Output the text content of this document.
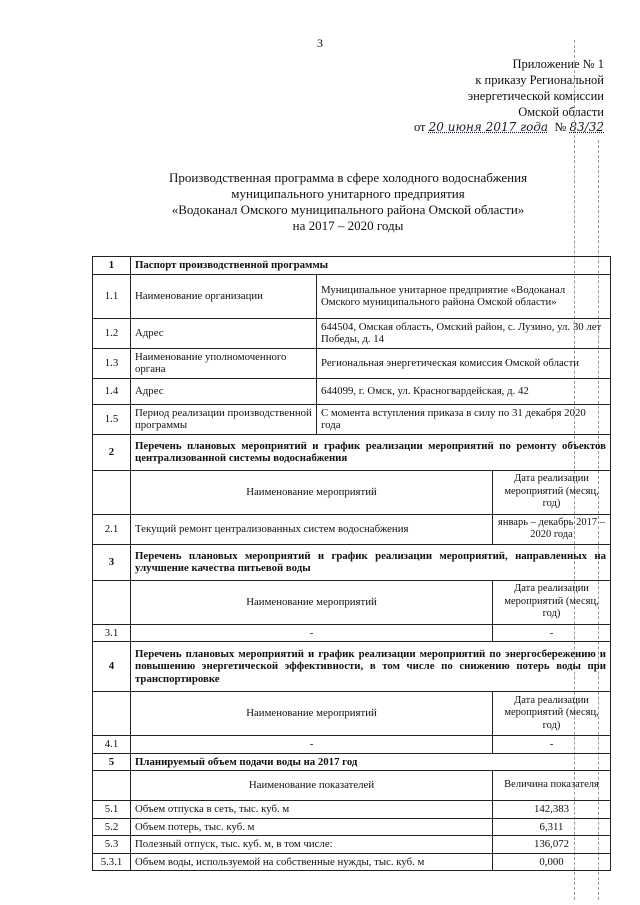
3
Приложение № 1
к приказу Региональной
энергетической комиссии
Омской области
от 20 июня 2017 года № 83/32
Производственная программа в сфере холодного водоснабжения
муниципального унитарного предприятия
«Водоканал Омского муниципального района Омской области»
на 2017 – 2020 годы
1	Паспорт производственной программы		
1.1	Наименование организации	Муниципальное унитарное предприятие «Водоканал Омского муниципального района Омской области»	
1.2	Адрес	644504, Омская область, Омский район, с. Лузино, ул. 30 лет Победы, д. 14	
1.3	Наименование уполномоченного органа	Региональная энергетическая комиссия Омской области	
1.4	Адрес	644099, г. Омск, ул. Красногвардейская, д. 42	
1.5	Период реализации производственной программы	С момента вступления приказа в силу по 31 декабря 2020 года	
2	Перечень плановых мероприятий и график реализации мероприятий по ремонту объектов централизованной системы водоснабжения		
	Наименование мероприятий		Дата реализации мероприятий (месяц, год)
2.1	Текущий ремонт централизованных систем водоснабжения		январь – декабрь 2017 – 2020 года
3	Перечень плановых мероприятий и график реализации мероприятий, направленных на улучшение качества питьевой воды		
	Наименование мероприятий		Дата реализации мероприятий (месяц, год)
3.1	-		-
4	Перечень плановых мероприятий и график реализации мероприятий по энергосбережению и повышению энергетической эффективности, в том числе по снижению потерь воды при транспортировке		
	Наименование мероприятий		Дата реализации мероприятий (месяц, год)
4.1	-		-
5	Планируемый объем подачи воды на 2017 год		
	Наименование показателей		Величина показателя
5.1	Объем отпуска в сеть, тыс. куб. м		142,383
5.2	Объем потерь, тыс. куб. м		6,311
5.3	Полезный отпуск, тыс. куб. м, в том числе:		136,072
5.3.1	Объем воды, используемой на собственные нужды, тыс. куб. м		0,000
